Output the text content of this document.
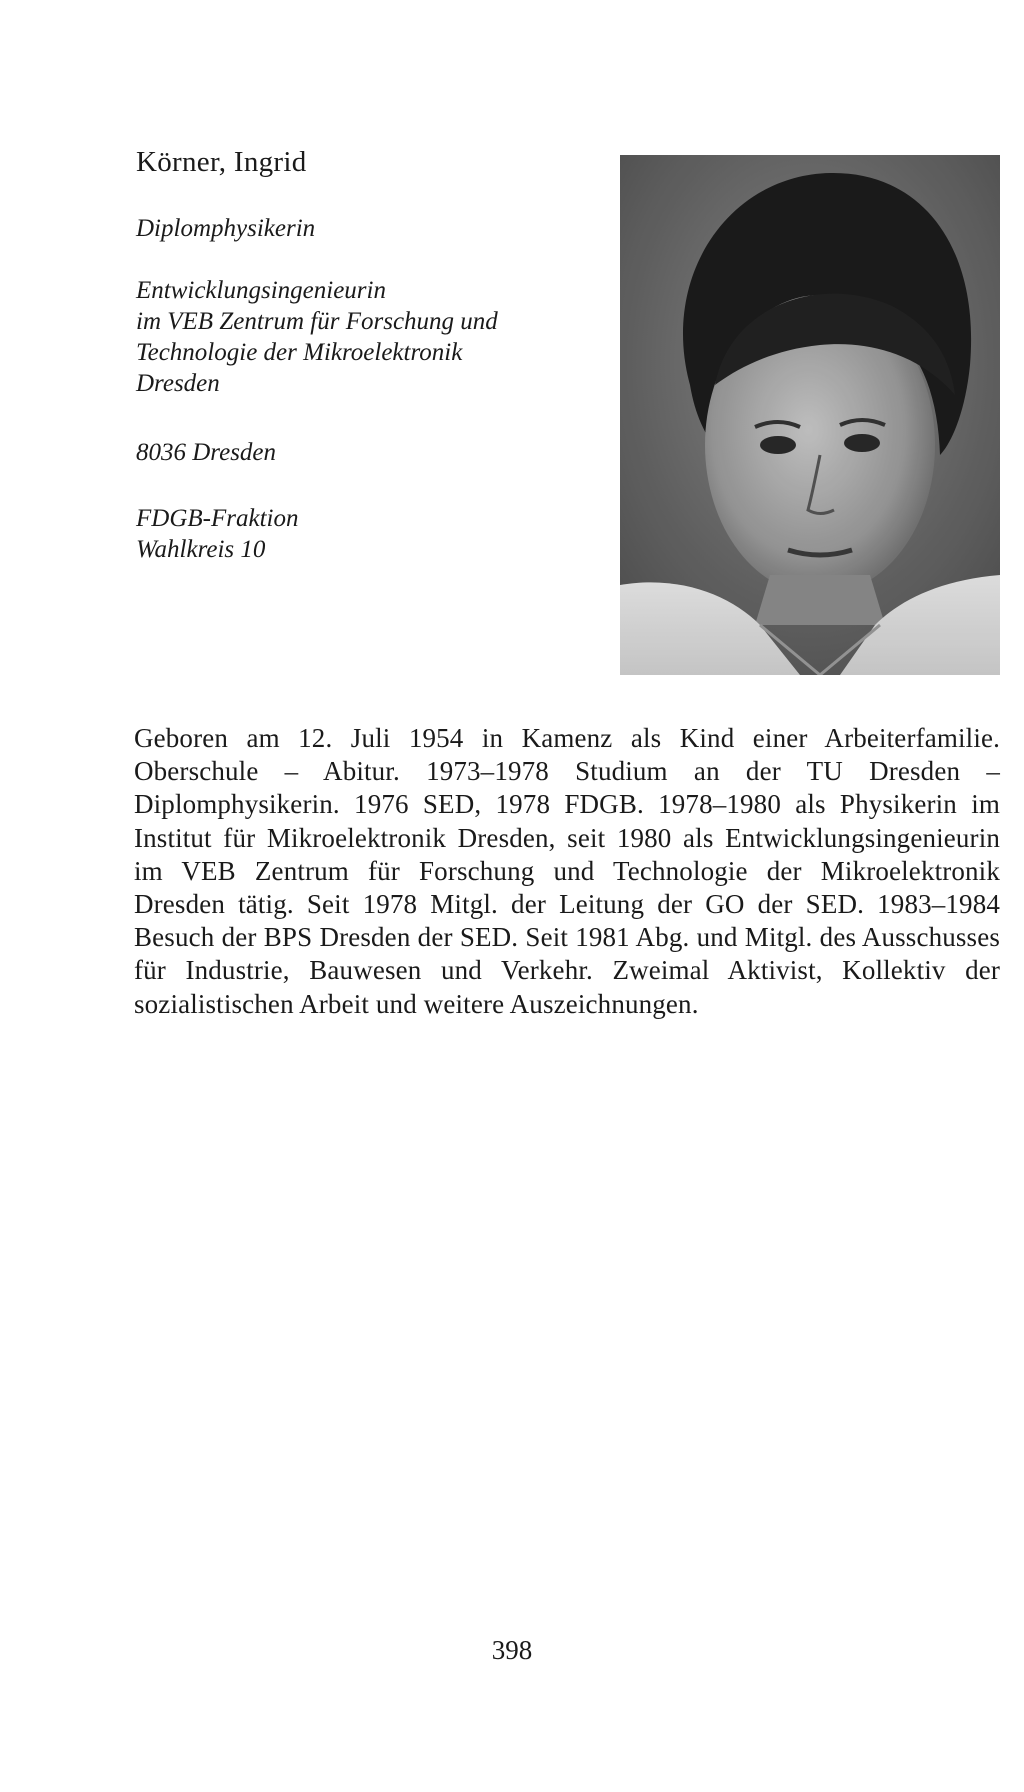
Körner, Ingrid

Diplomphysikerin

Entwicklungsingenieurin
im VEB Zentrum für Forschung und
Technologie der Mikroelektronik
Dresden

8036 Dresden

FDGB-Fraktion
Wahlkreis 10

Geboren am 12. Juli 1954 in Kamenz als Kind einer Arbeiterfamilie. Oberschule – Abitur. 1973–1978 Studium an der TU Dresden – Diplomphysikerin. 1976 SED, 1978 FDGB. 1978–1980 als Physikerin im Institut für Mikroelektronik Dresden, seit 1980 als Entwicklungsingenieurin im VEB Zentrum für Forschung und Technologie der Mikroelektronik Dresden tätig. Seit 1978 Mitgl. der Leitung der GO der SED. 1983–1984 Besuch der BPS Dresden der SED. Seit 1981 Abg. und Mitgl. des Ausschusses für Industrie, Bauwesen und Verkehr. Zweimal Aktivist, Kollektiv der sozialistischen Arbeit und weitere Auszeichnungen.

398
